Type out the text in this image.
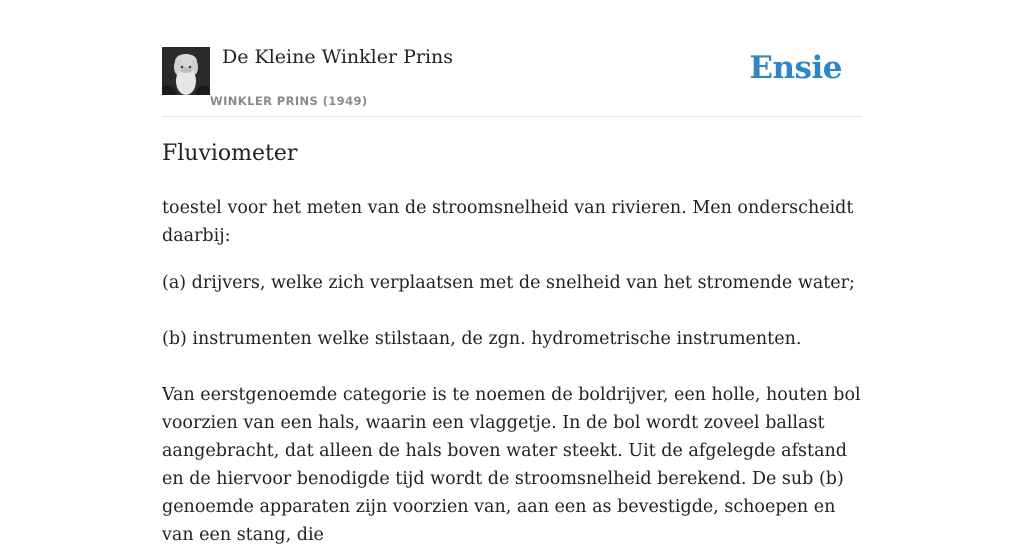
De Kleine Winkler Prins
WINKLER PRINS (1949)
Ensie
Fluviometer

toestel voor het meten van de stroomsnelheid van rivieren. Men onderscheidt daarbij:

(a) drijvers, welke zich verplaatsen met de snelheid van het stromende water;

(b) instrumenten welke stilstaan, de zgn. hydrometrische instrumenten.

Van eerstgenoemde categorie is te noemen de boldrijver, een holle, houten bol voorzien van een hals, waarin een vlaggetje. In de bol wordt zoveel ballast aangebracht, dat alleen de hals boven water steekt. Uit de afgelegde afstand en de hiervoor benodigde tijd wordt de stroomsnelheid berekend. De sub (b) genoemde apparaten zijn voorzien van, aan een as bevestigde, schoepen en van een stang, die
